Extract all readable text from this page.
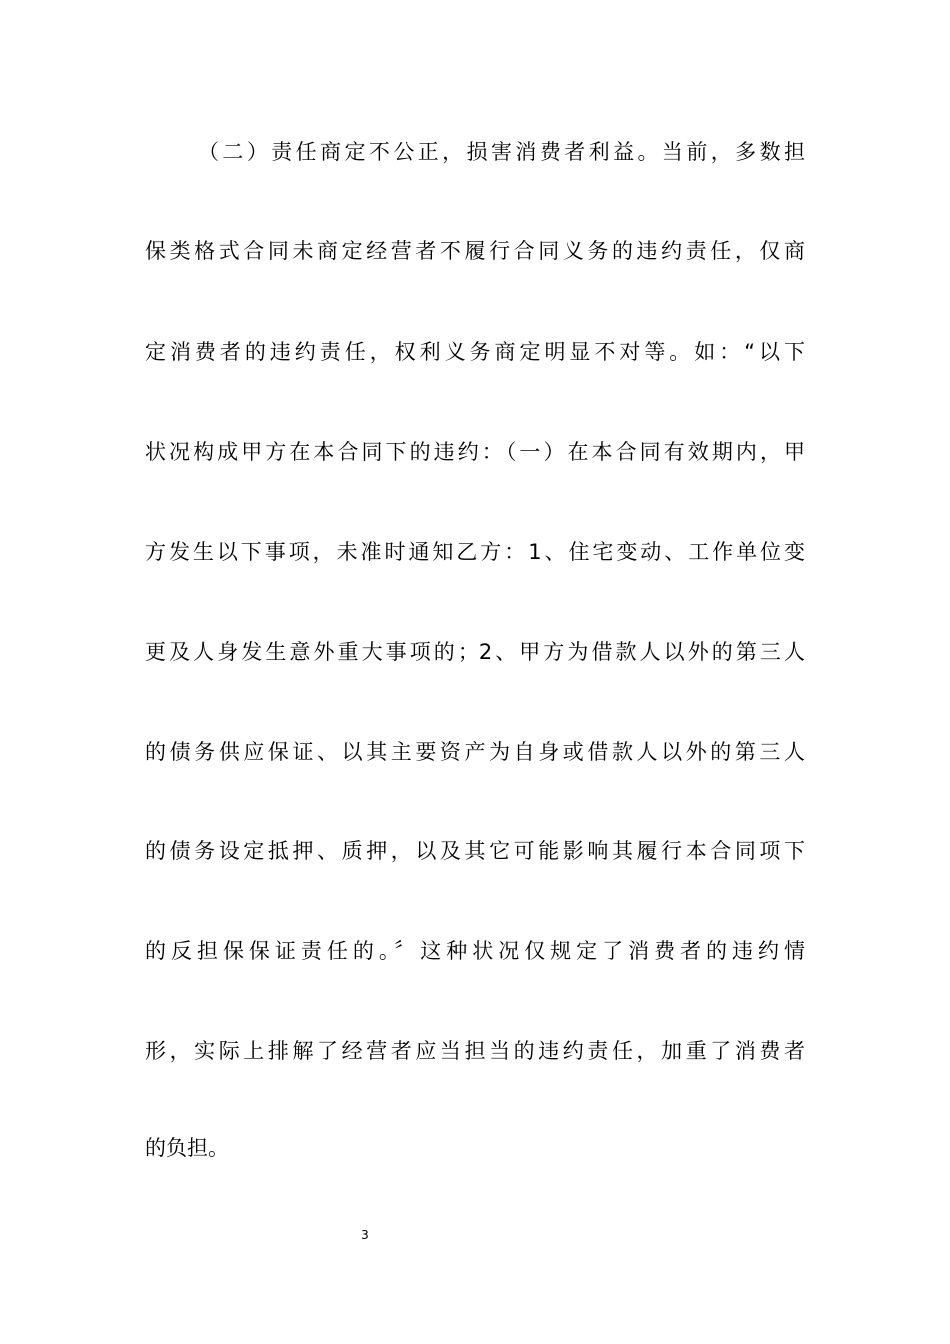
（二）责任商定不公正，损害消费者利益。当前，多数担
保类格式合同未商定经营者不履行合同义务的违约责任，仅商
定消费者的违约责任，权利义务商定明显不对等。如：“以下
状况构成甲方在本合同下的违约：（一）在本合同有效期内，甲
方发生以下事项，未准时通知乙方：1、住宅变动、工作单位变
更及人身发生意外重大事项的；2、甲方为借款人以外的第三人
的债务供应保证、以其主要资产为自身或借款人以外的第三人
的债务设定抵押、质押，以及其它可能影响其履行本合同项下
的反担保保证责任的。〞这种状况仅规定了消费者的违约情
形，实际上排解了经营者应当担当的违约责任，加重了消费者
的负担。
3
